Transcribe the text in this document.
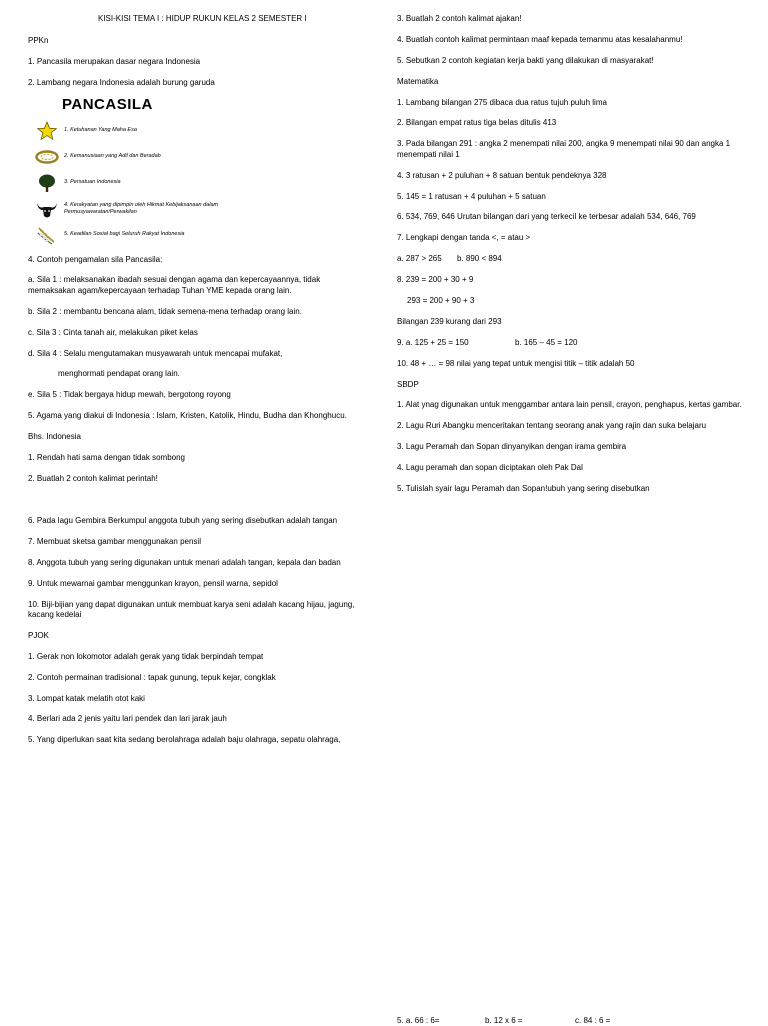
KISI-KISI TEMA I : HIDUP RUKUN KELAS 2 SEMESTER I

PPKn

1. Pancasila merupakan dasar negara Indonesia

2. Lambang negara Indonesia adalah burung garuda

PANCASILA
1. Ketuhanan Yang Maha Esa
2. Kemanusiaan yang Adil dan Beradab
3. Persatuan Indonesia
4. Kerakyatan yang dipimpin oleh Hikmat Kebijaksanaan dalam Permusyawaratan/Perwakilan
5. Keadilan Sosial bagi Seluruh Rakyat Indonesia

4. Contoh pengamalan sila Pancasila:

a. Sila 1 : melaksanakan ibadah sesuai dengan agama dan kepercayaannya, tidak memaksakan agam/kepercayaan terhadap Tuhan YME kepada orang lain.

b. Sila 2 : membantu bencana alam, tidak semena-mena terhadap orang lain.

c. Sila 3 : Cinta tanah air, melakukan piket kelas

d. Sila 4 : Selalu mengutamakan musyawarah untuk mencapai mufakat,

menghormati pendapat orang lain.

e. Sila 5 : Tidak bergaya hidup mewah, bergotong royong

5. Agama yang diakui di Indonesia : Islam, Kristen, Katolik, Hindu, Budha dan Khonghucu.

Bhs. Indonesia

1. Rendah hati sama dengan tidak sombong

2. Buatlah 2 contoh kalimat perintah!

6. Pada lagu Gembira Berkumpul anggota tubuh yang sering disebutkan adalah tangan

7. Membuat sketsa gambar menggunakan pensil

8. Anggota tubuh yang sering digunakan untuk menari adalah tangan, kepala dan badan

9. Untuk mewarnai gambar menggunkan krayon, pensil warna, sepidol

10. Biji-bijian yang dapat digunakan untuk membuat karya seni adalah kacang hijau, jagung, kacang kedelai

PJOK

1. Gerak non lokomotor adalah gerak yang tidak berpindah tempat

2. Contoh permainan tradisional : tapak gunung, tepuk kejar, congklak

3. Lompat katak melatih otot kaki

4. Berlari ada 2 jenis yaitu lari pendek dan lari jarak jauh

5. Yang diperlukan saat kita sedang berolahraga adalah baju olahraga, sepatu olahraga,

3. Buatlah 2 contoh kalimat ajakan!

4. Buatlah contoh kalimat permintaan maaf kepada temanmu atas kesalahanmu!

5. Sebutkan 2 contoh kegiatan kerja bakti yang dilakukan di masyarakat!

Matematika

1. Lambang bilangan 275 dibaca dua ratus tujuh puluh lima

2. Bilangan empat ratus tiga belas ditulis 413

3. Pada bilangan 291 : angka 2 menempati nilai 200, angka 9 menempati nilai 90 dan angka 1 menempati nilai 1

4. 3 ratusan + 2 puluhan + 8 satuan bentuk pendeknya 328

5. 145 = 1 ratusan + 4 puluhan + 5 satuan

6. 534, 769, 646 Urutan bilangan dari yang terkecil ke terbesar adalah 534, 646, 769

7. Lengkapi dengan tanda <, = atau >

a. 287 > 265	b. 890 < 894

8. 239 = 200 + 30 + 9

293 = 200 + 90 + 3

Bilangan 239 kurang dari 293

9. a. 125 + 25 = 150	b. 165 – 45 = 120

10. 48 + … = 98 nilai yang tepat untuk mengisi titik – titik adalah 50

SBDP

1. Alat ynag digunakan untuk menggambar antara lain pensil, crayon, penghapus, kertas gambar.

2. Lagu Ruri Abangku menceritakan tentang seorang anak yang rajin dan suka belajaru

3. Lagu Peramah dan Sopan dinyanyikan dengan irama gembira

4. Lagu peramah dan sopan diciptakan oleh Pak Dal

5. Tulislah syair lagu Peramah dan Sopan!ubuh yang sering disebutkan

5. a. 66 : 6=	b. 12 x 6 =	c. 84 : 6 =
